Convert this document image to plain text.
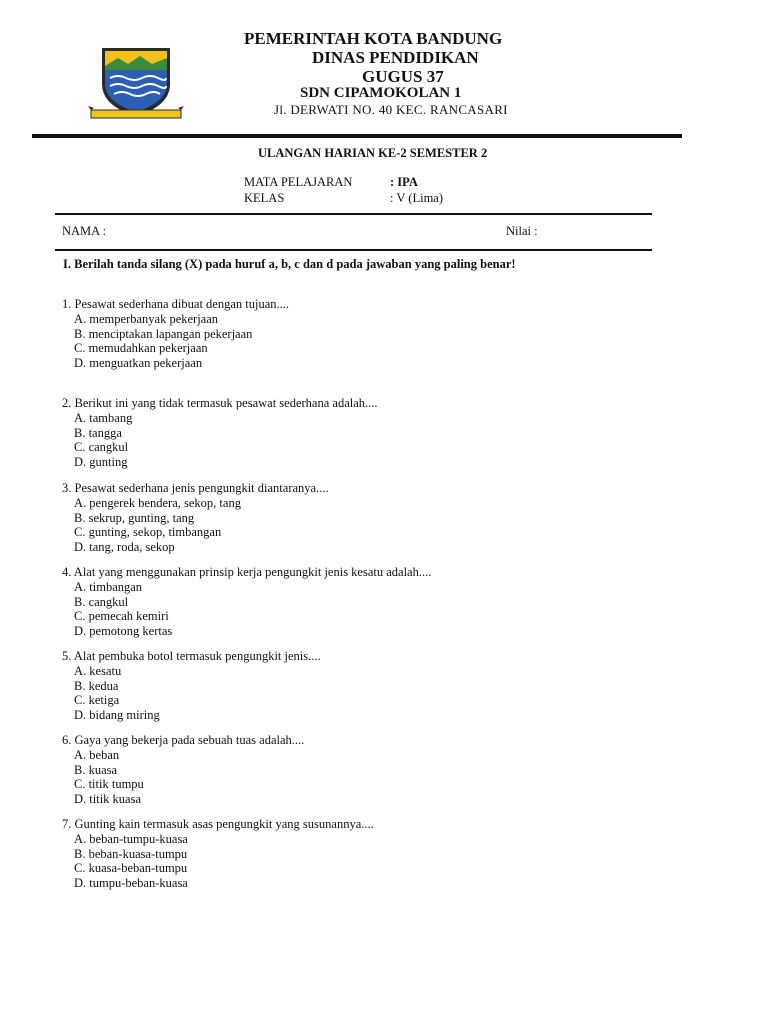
PEMERINTAH KOTA BANDUNG
DINAS PENDIDIKAN
GUGUS 37
SDN CIPAMOKOLAN 1
Jl. DERWATI NO. 40 KEC. RANCASARI
ULANGAN HARIAN KE-2 SEMESTER 2
MATA PELAJARAN	: IPA
KELAS	: V (Lima)
NAMA :	Nilai :
I. Berilah tanda silang (X) pada huruf a, b, c dan d pada jawaban yang paling benar!
1. Pesawat sederhana dibuat dengan tujuan....
A. memperbanyak pekerjaan
B. menciptakan lapangan pekerjaan
C. memudahkan pekerjaan
D. menguatkan pekerjaan
2. Berikut ini yang tidak termasuk pesawat sederhana adalah....
A. tambang
B. tangga
C. cangkul
D. gunting
3. Pesawat sederhana jenis pengungkit diantaranya....
A. pengerek bendera, sekop, tang
B. sekrup, gunting, tang
C. gunting, sekop, timbangan
D. tang, roda, sekop
4. Alat yang menggunakan prinsip kerja pengungkit jenis kesatu adalah....
A. timbangan
B. cangkul
C. pemecah kemiri
D. pemotong kertas
5. Alat pembuka botol termasuk pengungkit jenis....
A. kesatu
B. kedua
C. ketiga
D. bidang miring
6. Gaya yang bekerja pada sebuah tuas adalah....
A. beban
B. kuasa
C. titik tumpu
D. titik kuasa
7. Gunting kain termasuk asas pengungkit yang susunannya....
A. beban-tumpu-kuasa
B. beban-kuasa-tumpu
C. kuasa-beban-tumpu
D. tumpu-beban-kuasa
